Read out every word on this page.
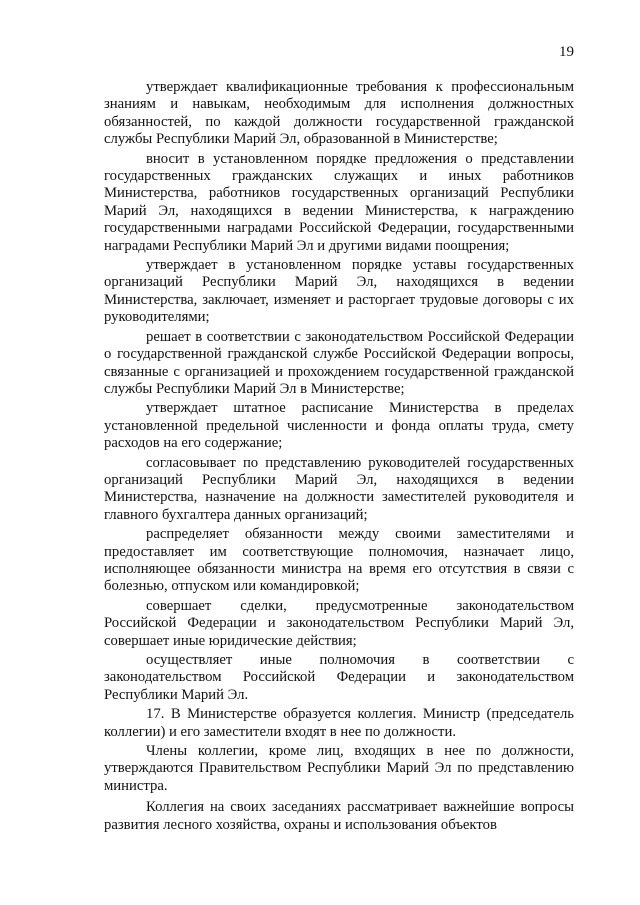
19

утверждает квалификационные требования к профессиональным знаниям и навыкам, необходимым для исполнения должностных обязанностей, по каждой должности государственной гражданской службы Республики Марий Эл, образованной в Министерстве;

вносит в установленном порядке предложения о представлении государственных гражданских служащих и иных работников Министерства, работников государственных организаций Республики Марий Эл, находящихся в ведении Министерства, к награждению государственными наградами Российской Федерации, государственными наградами Республики Марий Эл и другими видами поощрения;

утверждает в установленном порядке уставы государственных организаций Республики Марий Эл, находящихся в ведении Министерства, заключает, изменяет и расторгает трудовые договоры с их руководителями;

решает в соответствии с законодательством Российской Федерации о государственной гражданской службе Российской Федерации вопросы, связанные с организацией и прохождением государственной гражданской службы Республики Марий Эл в Министерстве;

утверждает штатное расписание Министерства в пределах установленной предельной численности и фонда оплаты труда, смету расходов на его содержание;

согласовывает по представлению руководителей государственных организаций Республики Марий Эл, находящихся в ведении Министерства, назначение на должности заместителей руководителя и главного бухгалтера данных организаций;

распределяет обязанности между своими заместителями и предоставляет им соответствующие полномочия, назначает лицо, исполняющее обязанности министра на время его отсутствия в связи с болезнью, отпуском или командировкой;

совершает сделки, предусмотренные законодательством Российской Федерации и законодательством Республики Марий Эл, совершает иные юридические действия;

осуществляет иные полномочия в соответствии с законодательством Российской Федерации и законодательством Республики Марий Эл.

17. В Министерстве образуется коллегия. Министр (председатель коллегии) и его заместители входят в нее по должности.

Члены коллегии, кроме лиц, входящих в нее по должности, утверждаются Правительством Республики Марий Эл по представлению министра.

Коллегия на своих заседаниях рассматривает важнейшие вопросы развития лесного хозяйства, охраны и использования объектов
